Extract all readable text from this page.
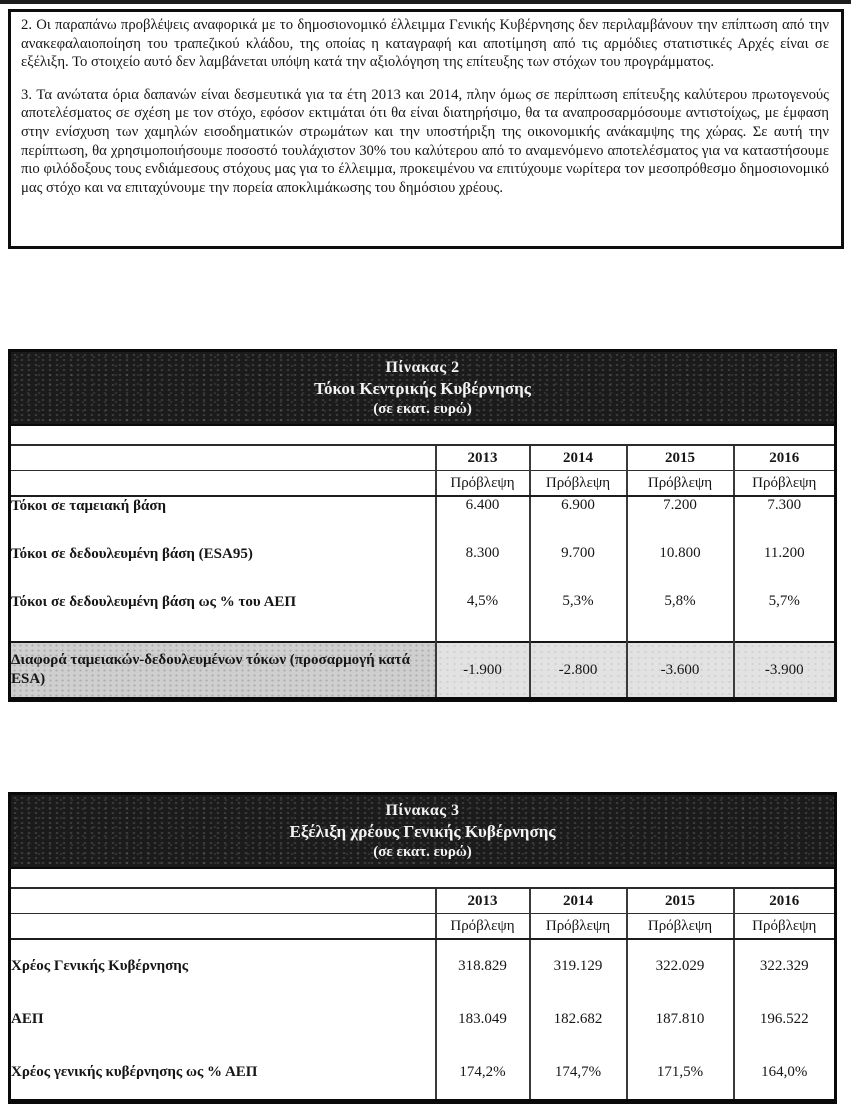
2. Οι παραπάνω προβλέψεις αναφορικά με το δημοσιονομικό έλλειμμα Γενικής Κυβέρνησης δεν περιλαμβάνουν την επίπτωση από την ανακεφαλαιοποίηση του τραπεζικού κλάδου, της οποίας η καταγραφή και αποτίμηση από τις αρμόδιες στατιστικές Αρχές είναι σε εξέλιξη. Το στοιχείο αυτό δεν λαμβάνεται υπόψη κατά την αξιολόγηση της επίτευξης των στόχων του προγράμματος.

3. Τα ανώτατα όρια δαπανών είναι δεσμευτικά για τα έτη 2013 και 2014, πλην όμως σε περίπτωση επίτευξης καλύτερου πρωτογενούς αποτελέσματος σε σχέση με τον στόχο, εφόσον εκτιμάται ότι θα είναι διατηρήσιμο, θα τα αναπροσαρμόσουμε αντιστοίχως, με έμφαση στην ενίσχυση των χαμηλών εισοδηματικών στρωμάτων και την υποστήριξη της οικονομικής ανάκαμψης της χώρας. Σε αυτή την περίπτωση, θα χρησιμοποιήσουμε ποσοστό τουλάχιστον 30% του καλύτερου από το αναμενόμενο αποτελέσματος για να καταστήσουμε πιο φιλόδοξους τους ενδιάμεσους στόχους μας για το έλλειμμα, προκειμένου να επιτύχουμε νωρίτερα τον μεσοπρόθεσμο δημοσιονομικό μας στόχο και να επιταχύνουμε την πορεία αποκλιμάκωσης του δημόσιου χρέους.

Πίνακας 2
Τόκοι Κεντρικής Κυβέρνησης
(σε εκατ. ευρώ)				

	2013	2014	2015	2016
	Πρόβλεψη	Πρόβλεψη	Πρόβλεψη	Πρόβλεψη
Τόκοι σε ταμειακή βάση	6.400	6.900	7.200	7.300
Τόκοι σε δεδουλευμένη βάση (ESA95)	8.300	9.700	10.800	11.200
Τόκοι σε δεδουλευμένη βάση ως % του ΑΕΠ	4,5%	5,3%	5,8%	5,7%
Διαφορά ταμειακών-δεδουλευμένων τόκων (προσαρμογή κατά ESA)	-1.900	-2.800	-3.600	-3.900
Πίνακας 3
Εξέλιξη χρέους Γενικής Κυβέρνησης
(σε εκατ. ευρώ)				

	2013	2014	2015	2016
	Πρόβλεψη	Πρόβλεψη	Πρόβλεψη	Πρόβλεψη
Χρέος Γενικής Κυβέρνησης	318.829	319.129	322.029	322.329
ΑΕΠ	183.049	182.682	187.810	196.522
Χρέος γενικής κυβέρνησης ως % ΑΕΠ	174,2%	174,7%	171,5%	164,0%
